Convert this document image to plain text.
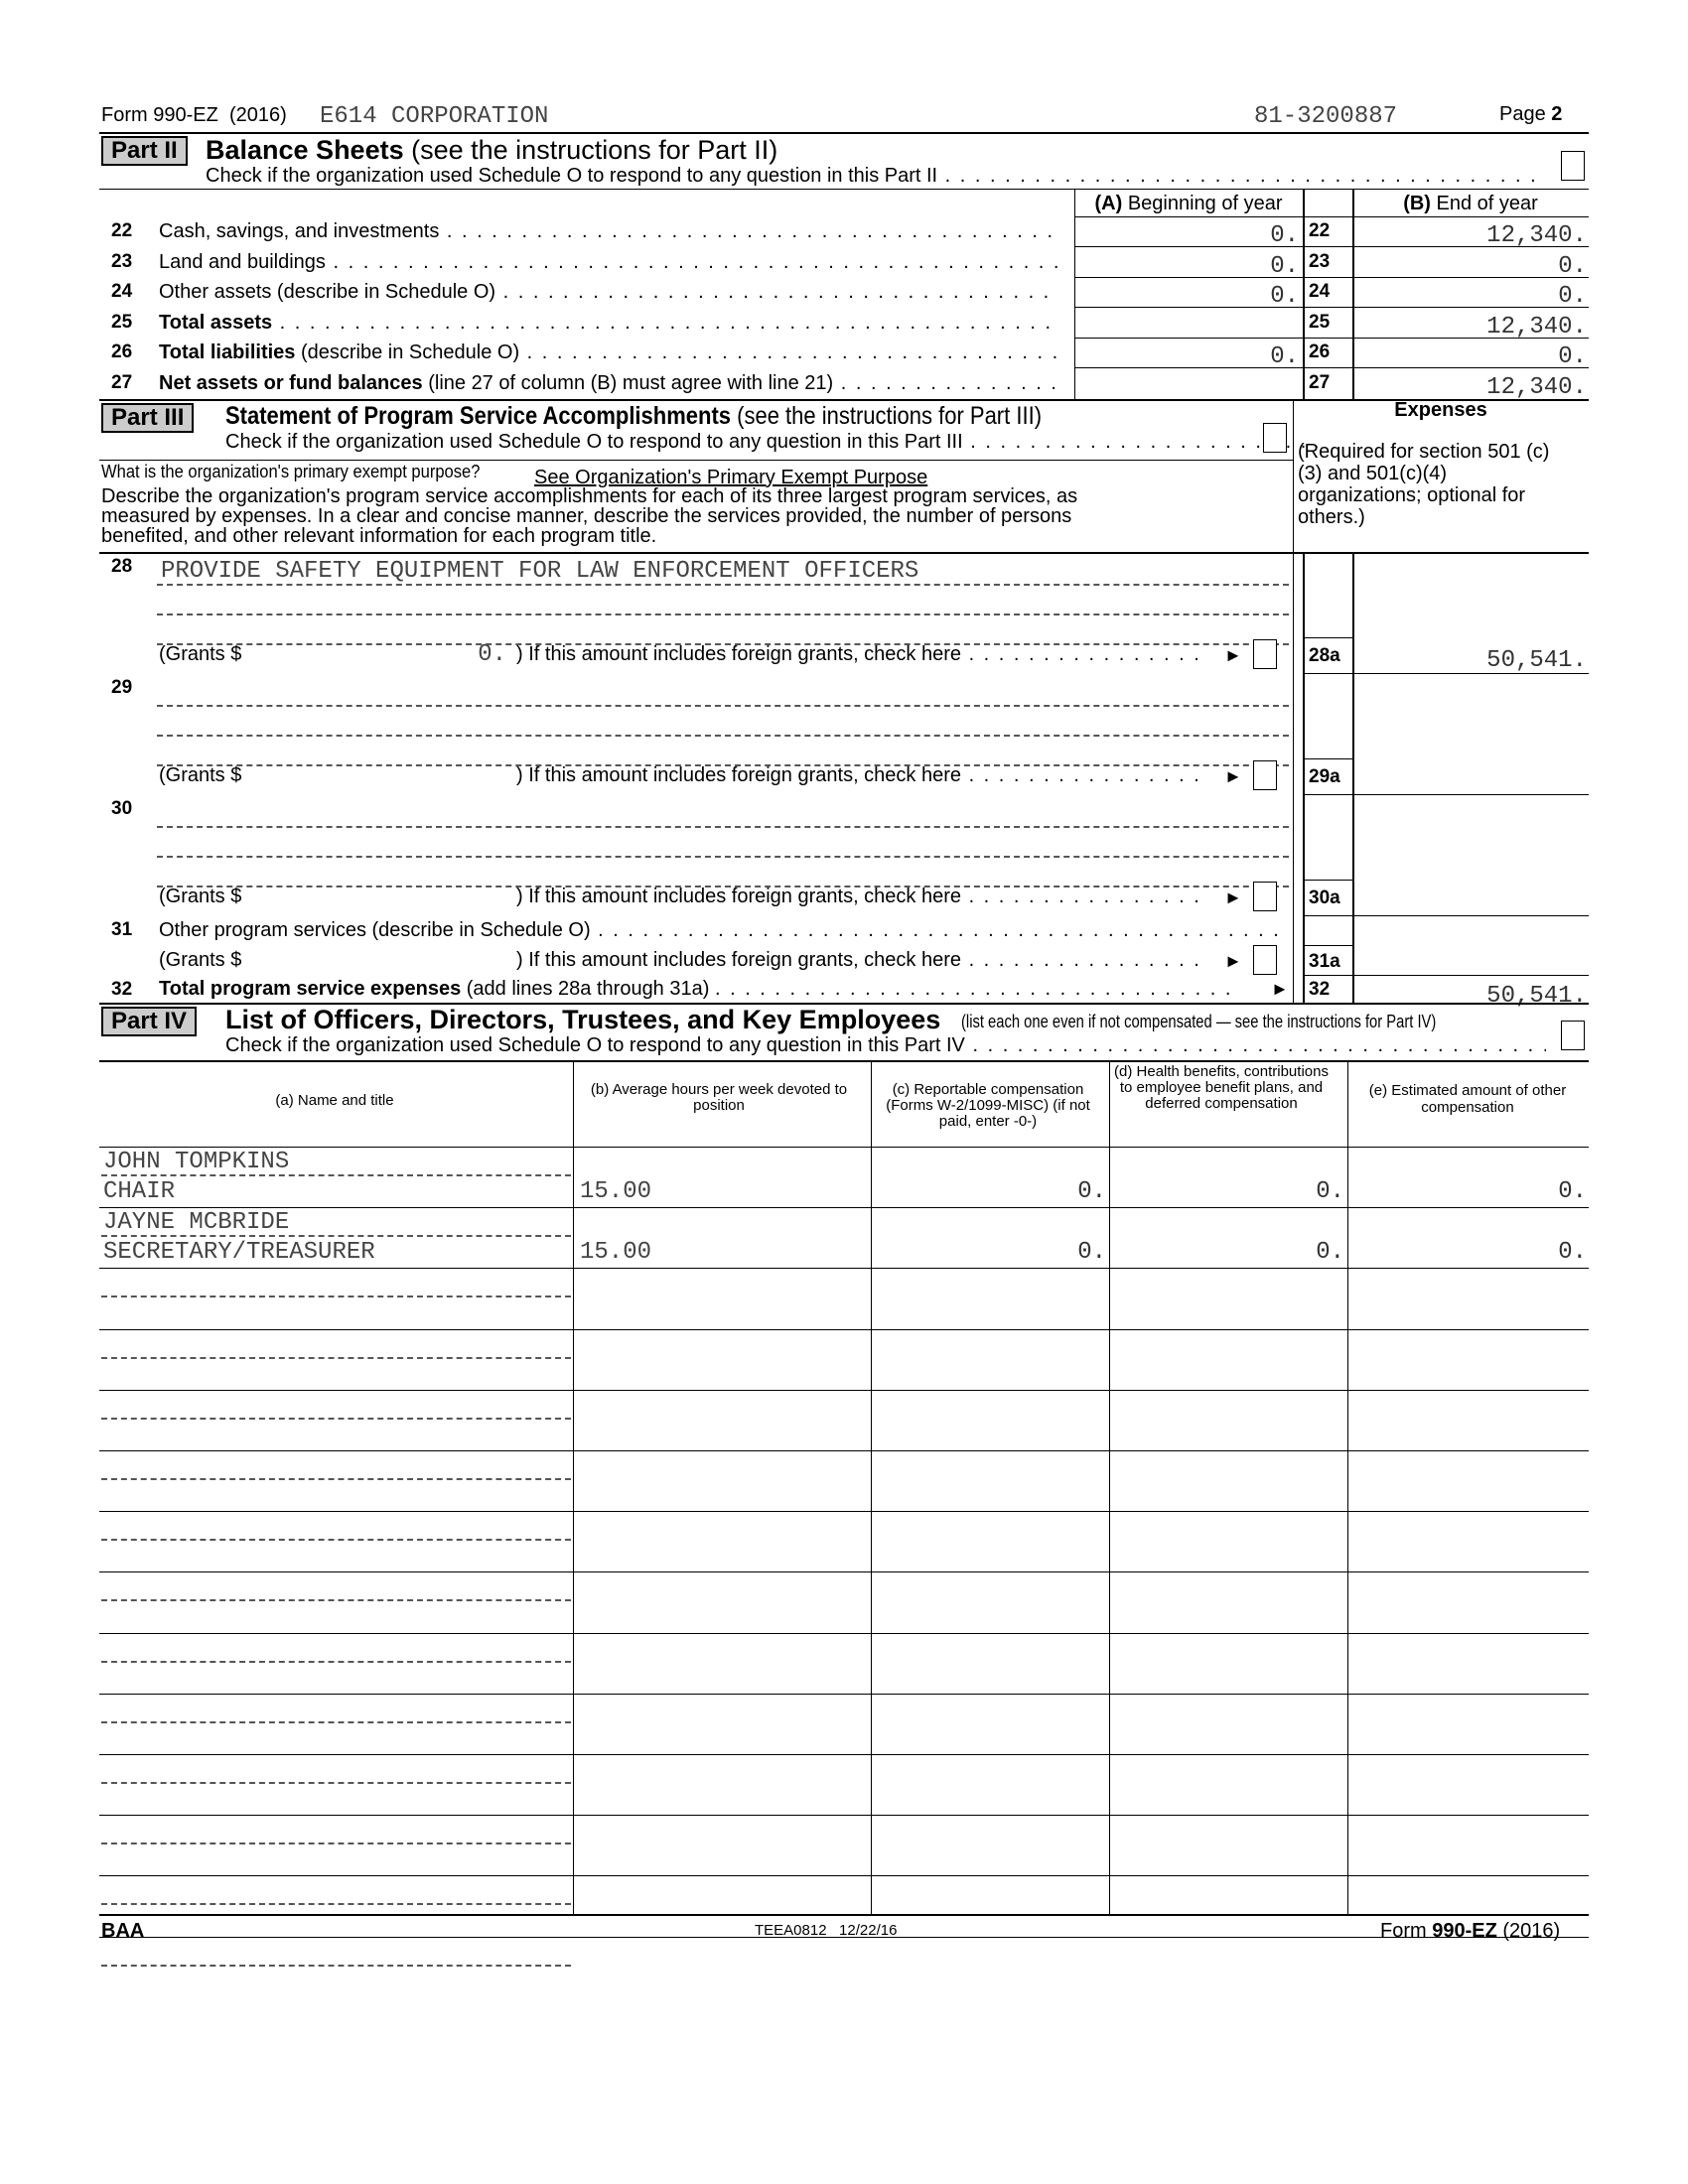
Form 990-EZ (2016) E614 CORPORATION	81-3200887	Page 2
Part II	Balance Sheets (see the instructions for Part II)
Check if the organization used Schedule O to respond to any question in this Part II . . .
(A) Beginning of year	(B) End of year
22 Cash, savings, and investments . . .	0. 22	12,340.
23 Land and buildings . . .	0. 23	0.
24 Other assets (describe in Schedule O) . . .	0. 24	0.
25 Total assets . . .	25	12,340.
26 Total liabilities (describe in Schedule O) . . .	0. 26	0.
27 Net assets or fund balances (line 27 of column (B) must agree with line 21) . . .	27	12,340.
Part III	Statement of Program Service Accomplishments (see the instructions for Part III)
Check if the organization used Schedule O to respond to any question in this Part III . . .
Expenses
(Required for section 501 (c)(3) and 501(c)(4) organizations; optional for others.)
What is the organization's primary exempt purpose?	See Organization's Primary Exempt Purpose
Describe the organization's program service accomplishments for each of its three largest program services, as
measured by expenses. In a clear and concise manner, describe the services provided, the number of persons
benefited, and other relevant information for each program title.
28 PROVIDE SAFETY EQUIPMENT FOR LAW ENFORCEMENT OFFICERS
(Grants $	0. ) If this amount includes foreign grants, check here . . .	►	28a	50,541.
29
(Grants $	) If this amount includes foreign grants, check here . . .	►	29a
30
(Grants $	) If this amount includes foreign grants, check here . . .	►	30a
31 Other program services (describe in Schedule O) . . .
(Grants $	) If this amount includes foreign grants, check here . . .	►	31a
32 Total program service expenses (add lines 28a through 31a) . . .	► 32	50,541.
Part IV	List of Officers, Directors, Trustees, and Key Employees (list each one even if not compensated — see the instructions for Part IV)
Check if the organization used Schedule O to respond to any question in this Part IV . . .
(a) Name and title
(b) Average hours per week devoted to position
(c) Reportable compensation (Forms W-2/1099-MISC) (if not paid, enter -0-)
(d) Health benefits, contributions to employee benefit plans, and deferred compensation
(e) Estimated amount of other compensation
JOHN TOMPKINS
CHAIR	15.00	0.	0.	0.
JAYNE MCBRIDE
SECRETARY/TREASURER	15.00	0.	0.	0.
BAA	TEEA0812   12/22/16	Form 990-EZ (2016)
